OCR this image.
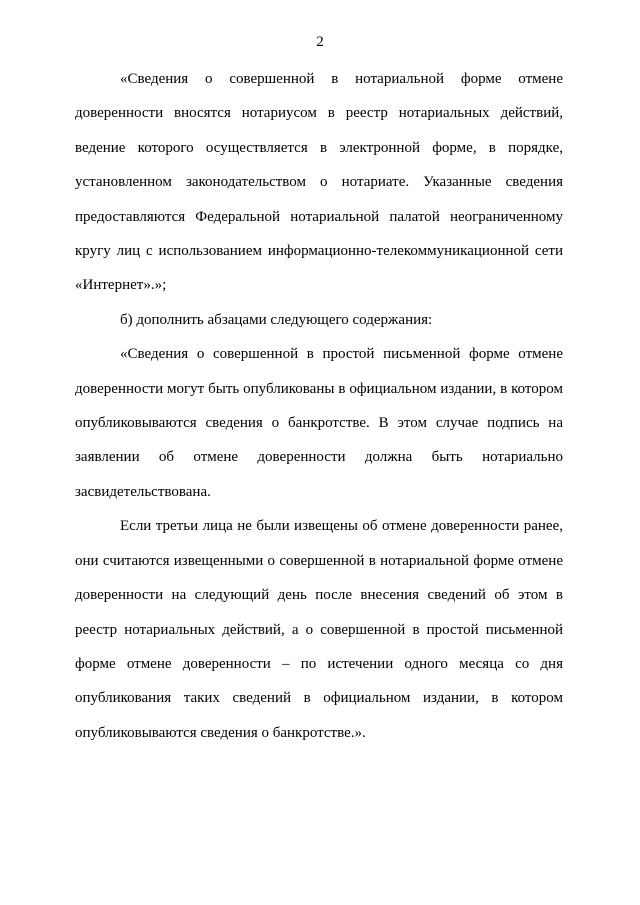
2

«Сведения о совершенной в нотариальной форме отмене доверенности вносятся нотариусом в реестр нотариальных действий, ведение которого осуществляется в электронной форме, в порядке, установленном законодательством о нотариате. Указанные сведения предоставляются Федеральной нотариальной палатой неограниченному кругу лиц с использованием информационно-телекоммуникационной сети «Интернет».»;

б) дополнить абзацами следующего содержания:

«Сведения о совершенной в простой письменной форме отмене доверенности могут быть опубликованы в официальном издании, в котором опубликовываются сведения о банкротстве. В этом случае подпись на заявлении об отмене доверенности должна быть нотариально засвидетельствована.

Если третьи лица не были извещены об отмене доверенности ранее, они считаются извещенными о совершенной в нотариальной форме отмене доверенности на следующий день после внесения сведений об этом в реестр нотариальных действий, а о совершенной в простой письменной форме отмене доверенности – по истечении одного месяца со дня опубликования таких сведений в официальном издании, в котором опубликовываются сведения о банкротстве.».
